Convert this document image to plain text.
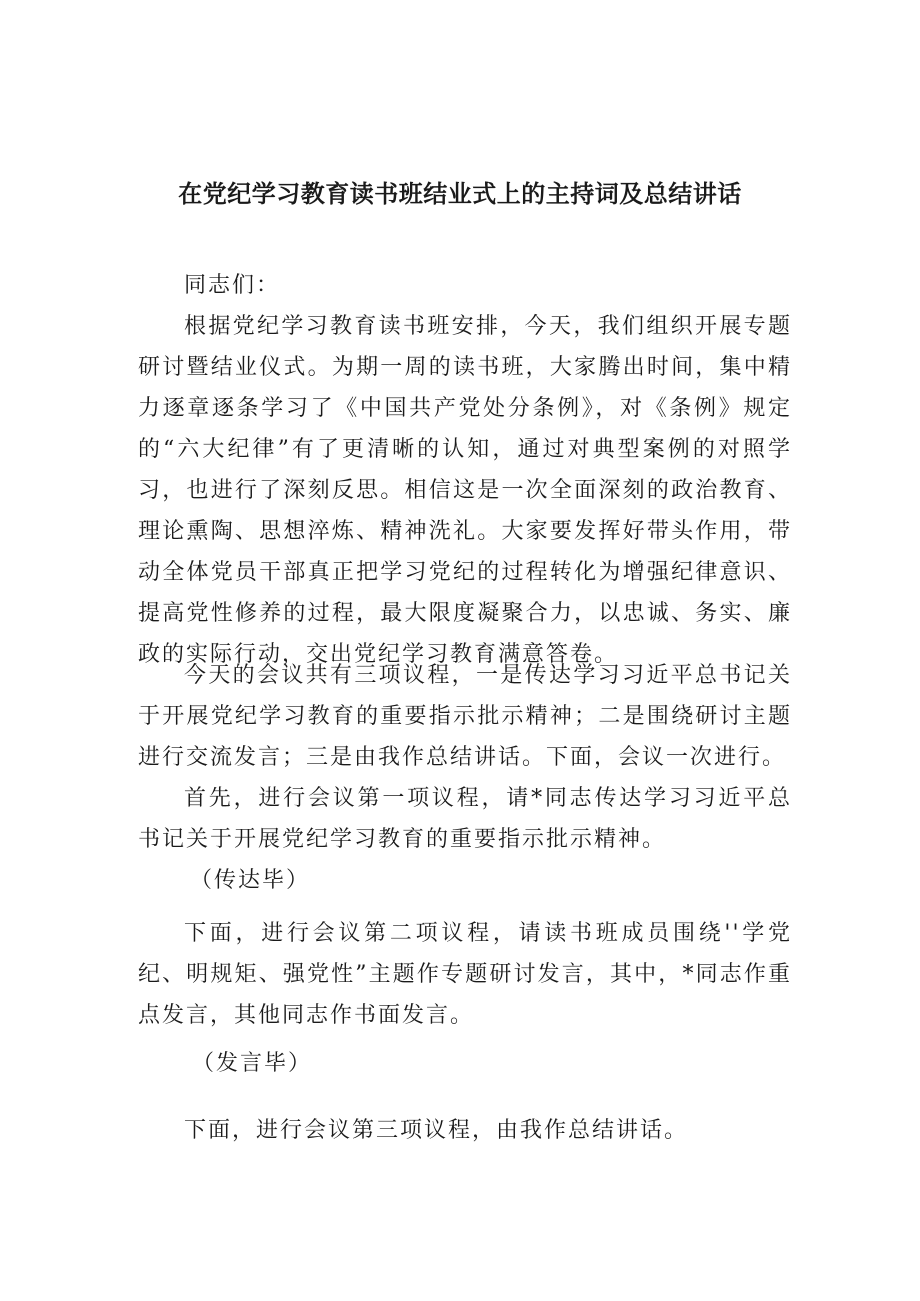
在党纪学习教育读书班结业式上的主持词及总结讲话
同志们：
根据党纪学习教育读书班安排，今天，我们组织开展专题研讨暨结业仪式。为期一周的读书班，大家腾出时间，集中精力逐章逐条学习了《中国共产党处分条例》，对《条例》规定的“六大纪律”有了更清晰的认知，通过对典型案例的对照学习，也进行了深刻反思。相信这是一次全面深刻的政治教育、理论熏陶、思想淬炼、精神洗礼。大家要发挥好带头作用，带动全体党员干部真正把学习党纪的过程转化为增强纪律意识、提高党性修养的过程，最大限度凝聚合力，以忠诚、务实、廉政的实际行动，交出党纪学习教育满意答卷。
今天的会议共有三项议程，一是传达学习习近平总书记关于开展党纪学习教育的重要指示批示精神；二是围绕研讨主题进行交流发言；三是由我作总结讲话。下面，会议一次进行。
首先，进行会议第一项议程，请*同志传达学习习近平总书记关于开展党纪学习教育的重要指示批示精神。
（传达毕）
下面，进行会议第二项议程，请读书班成员围绕''学党纪、明规矩、强党性”主题作专题研讨发言，其中，*同志作重点发言，其他同志作书面发言。
（发言毕）
下面，进行会议第三项议程，由我作总结讲话。
